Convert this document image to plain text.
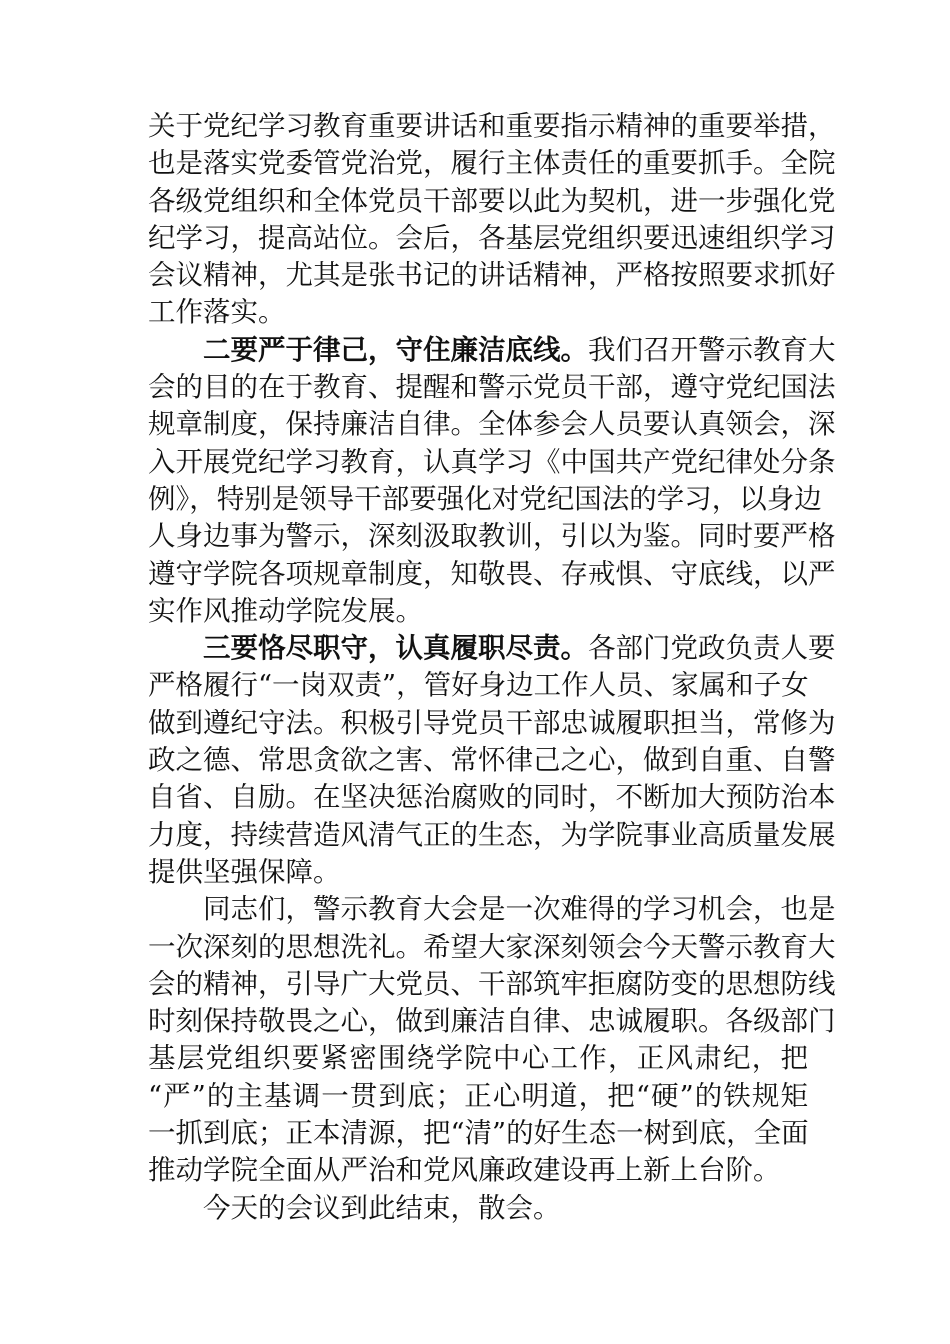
关于党纪学习教育重要讲话和重要指示精神的重要举措，
也是落实党委管党治党，履行主体责任的重要抓手。全院
各级党组织和全体党员干部要以此为契机，进一步强化党
纪学习，提高站位。会后，各基层党组织要迅速组织学习
会议精神，尤其是张书记的讲话精神，严格按照要求抓好
工作落实。
二要严于律己，守住廉洁底线。我们召开警示教育大
会的目的在于教育、提醒和警示党员干部，遵守党纪国法
规章制度，保持廉洁自律。全体参会人员要认真领会，深
入开展党纪学习教育，认真学习《中国共产党纪律处分条
例》，特别是领导干部要强化对党纪国法的学习，以身边
人身边事为警示，深刻汲取教训，引以为鉴。同时要严格
遵守学院各项规章制度，知敬畏、存戒惧、守底线，以严
实作风推动学院发展。
三要恪尽职守，认真履职尽责。各部门党政负责人要
严格履行“一岗双责”，管好身边工作人员、家属和子女
做到遵纪守法。积极引导党员干部忠诚履职担当，常修为
政之德、常思贪欲之害、常怀律己之心，做到自重、自警
自省、自励。在坚决惩治腐败的同时，不断加大预防治本
力度，持续营造风清气正的生态，为学院事业高质量发展
提供坚强保障。
同志们，警示教育大会是一次难得的学习机会，也是
一次深刻的思想洗礼。希望大家深刻领会今天警示教育大
会的精神，引导广大党员、干部筑牢拒腐防变的思想防线
时刻保持敬畏之心，做到廉洁自律、忠诚履职。各级部门
基层党组织要紧密围绕学院中心工作，正风肃纪，把
“严”的主基调一贯到底；正心明道，把“硬”的铁规矩
一抓到底；正本清源，把“清”的好生态一树到底，全面
推动学院全面从严治和党风廉政建设再上新上台阶。
今天的会议到此结束，散会。
